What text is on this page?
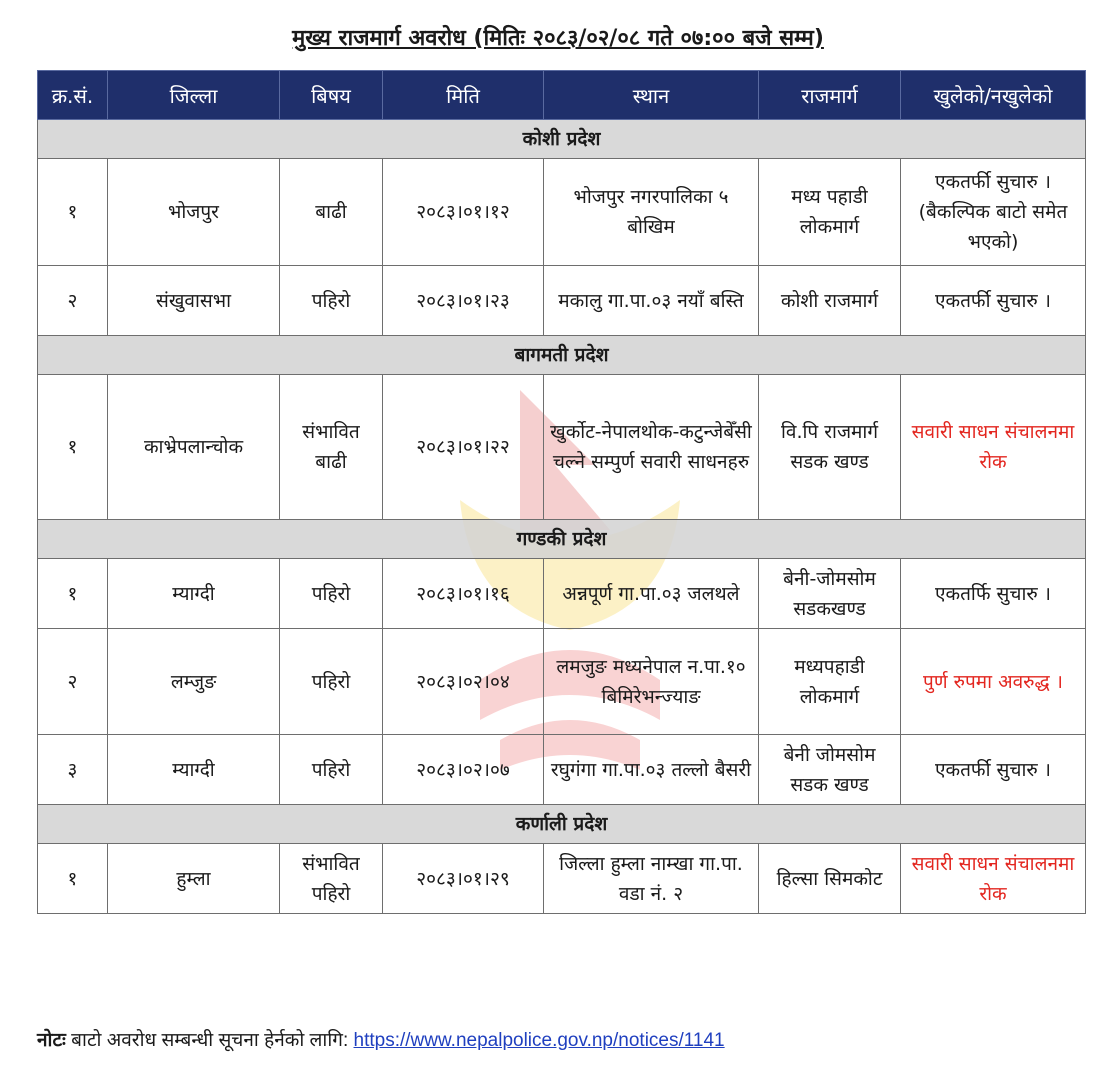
मुख्य राजमार्ग अवरोध (मितिः २०८३/०२/०८ गते ०७:०० बजे सम्म)
क्र.सं.	जिल्ला	बिषय	मिति	स्थान	राजमार्ग	खुलेको/नखुलेको
कोशी प्रदेश						
१	भोजपुर	बाढी	२०८३।०१।१२	भोजपुर नगरपालिका ५ बोखिम	मध्य पहाडी लोकमार्ग	एकतर्फी सुचारु । (बैकल्पिक बाटो समेत भएको)
२	संखुवासभा	पहिरो	२०८३।०१।२३	मकालु गा.पा.०३ नयाँ बस्ति	कोशी राजमार्ग	एकतर्फी सुचारु ।
बागमती प्रदेश						
१	काभ्रेपलान्चोक	संभावित बाढी	२०८३।०१।२२	खुर्कोट-नेपालथोक-कटुन्जेबेँसी चल्ने सम्पुर्ण सवारी साधनहरु	वि.पि राजमार्ग सडक खण्ड	सवारी साधन संचालनमा रोक
गण्डकी प्रदेश						
१	म्याग्दी	पहिरो	२०८३।०१।१६	अन्नपूर्ण गा.पा.०३ जलथले	बेनी-जोमसोम सडकखण्ड	एकतर्फि सुचारु ।
२	लम्जुङ	पहिरो	२०८३।०२।०४	लमजुङ मध्यनेपाल न.पा.१० बिमिरेभन्ज्याङ	मध्यपहाडी लोकमार्ग	पुर्ण रुपमा अवरुद्ध ।
३	म्याग्दी	पहिरो	२०८३।०२।०७	रघुगंगा गा.पा.०३ तल्लो बैसरी	बेनी जोमसोम सडक खण्ड	एकतर्फी सुचारु ।
कर्णाली प्रदेश						
१	हुम्ला	संभावित पहिरो	२०८३।०१।२९	जिल्ला हुम्ला नाम्खा गा.पा. वडा नं. २	हिल्सा सिमकोट	सवारी साधन संचालनमा रोक
नोटः बाटो अवरोध सम्बन्धी सूचना हेर्नको लागि: https://www.nepalpolice.gov.np/notices/1141
